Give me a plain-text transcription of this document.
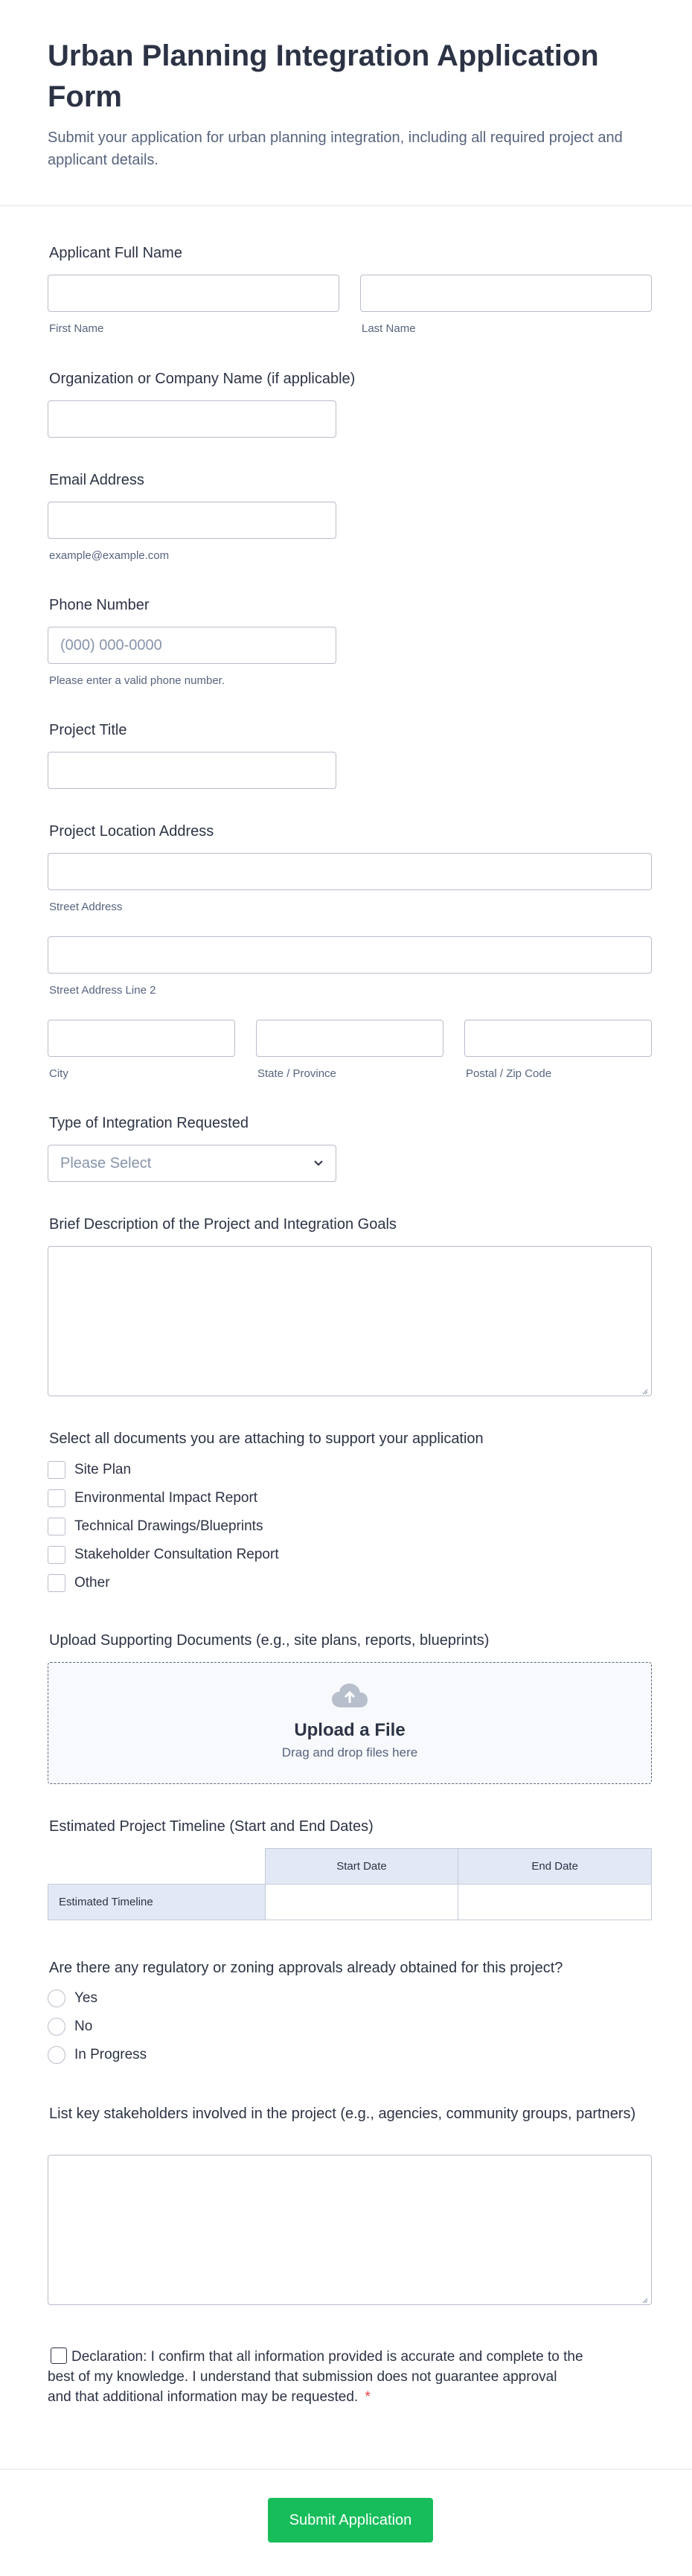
Urban Planning Integration Application Form
Submit your application for urban planning integration, including all required project and applicant details.
Applicant Full Name
First Name	Last Name
Organization or Company Name (if applicable)
Email Address
example@example.com
Phone Number
(000) 000-0000
Please enter a valid phone number.
Project Title
Project Location Address
Street Address
Street Address Line 2
City	State / Province	Postal / Zip Code
Type of Integration Requested
Please Select
Brief Description of the Project and Integration Goals
Select all documents you are attaching to support your application
Site Plan
Environmental Impact Report
Technical Drawings/Blueprints
Stakeholder Consultation Report
Other
Upload Supporting Documents (e.g., site plans, reports, blueprints)
Upload a File
Drag and drop files here
Estimated Project Timeline (Start and End Dates)
	Start Date	End Date
Estimated Timeline		
Are there any regulatory or zoning approvals already obtained for this project?
Yes
No
In Progress
List key stakeholders involved in the project (e.g., agencies, community groups, partners)
Declaration: I confirm that all information provided is accurate and complete to the best of my knowledge. I understand that submission does not guarantee approval and that additional information may be requested. *
Submit Application
